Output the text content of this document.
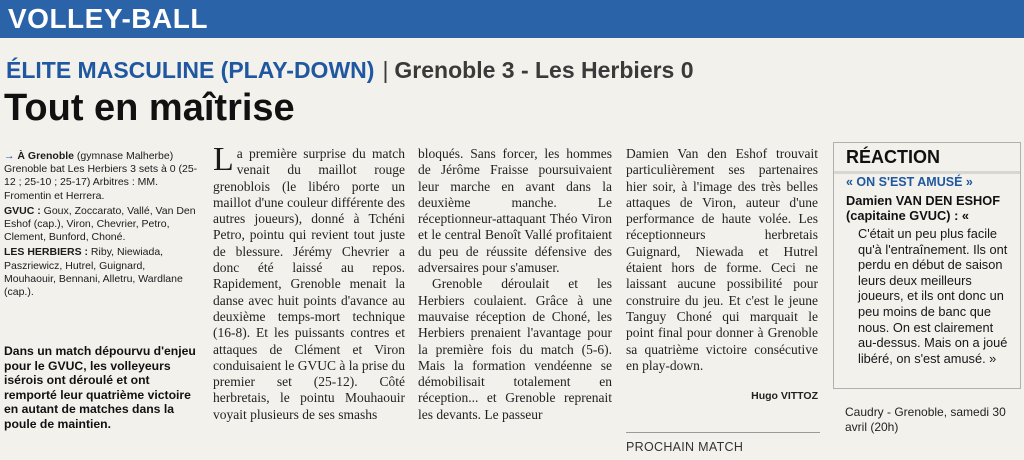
VOLLEY-BALL
ÉLITE MASCULINE (PLAY-DOWN) | Grenoble 3 - Les Herbiers 0
Tout en maîtrise

→ À Grenoble (gymnase Malherbe) Grenoble bat Les Herbiers 3 sets à 0 (25-12 ; 25-10 ; 25-17) Arbitres : MM. Fromentin et Herrera.

GVUC : Goux, Zoccarato, Vallé, Van Den Eshof (cap.), Viron, Chevrier, Petro, Clement, Bunford, Choné.

LES HERBIERS : Riby, Niewiada, Paszriewicz, Hutrel, Guignard, Mouhaouir, Bennani, Alletru, Wardlane (cap.).

Dans un match dépourvu d'enjeu pour le GVUC, les volleyeurs isérois ont déroulé et ont remporté leur quatrième victoire en autant de matches dans la poule de maintien.

La première surprise du match venait du maillot rouge grenoblois (le libéro porte un maillot d'une couleur différente des autres joueurs), donné à Tchéni Petro, pointu qui revient tout juste de blessure. Jérémy Chevrier a donc été laissé au repos. Rapidement, Grenoble menait la danse avec huit points d'avance au deuxième temps-mort technique (16-8). Et les puissants contres et attaques de Clément et Viron conduisaient le GVUC à la prise du premier set (25-12). Côté herbretais, le pointu Mouhaouir voyait plusieurs de ses smashs

bloqués. Sans forcer, les hommes de Jérôme Fraisse poursuivaient leur marche en avant dans la deuxième manche. Le réceptionneur-attaquant Théo Viron et le central Benoît Vallé profitaient du peu de réussite défensive des adversaires pour s'amuser.

Grenoble déroulait et les Herbiers coulaient. Grâce à une mauvaise réception de Choné, les Herbiers prenaient l'avantage pour la première fois du match (5-6). Mais la formation vendéenne se démobilisait totalement en réception... et Grenoble reprenait les devants. Le passeur

Damien Van den Eshof trouvait particulièrement ses partenaires hier soir, à l'image des très belles attaques de Viron, auteur d'une performance de haute volée. Les réceptionneurs herbretais Guignard, Niewada et Hutrel étaient hors de forme. Ceci ne laissant aucune possibilité pour construire du jeu. Et c'est le jeune Tanguy Choné qui marquait le point final pour donner à Grenoble sa quatrième victoire consécutive en play-down.

Hugo VITTOZ
PROCHAIN MATCH
RÉACTION
« ON S'EST AMUSÉ »
Damien VAN DEN ESHOF (capitaine GVUC) : «
C'était un peu plus facile qu'à l'entraînement. Ils ont perdu en début de saison leurs deux meilleurs joueurs, et ils ont donc un peu moins de banc que nous. On est clairement au-dessus. Mais on a joué libéré, on s'est amusé. »
Caudry - Grenoble, samedi 30 avril (20h)
